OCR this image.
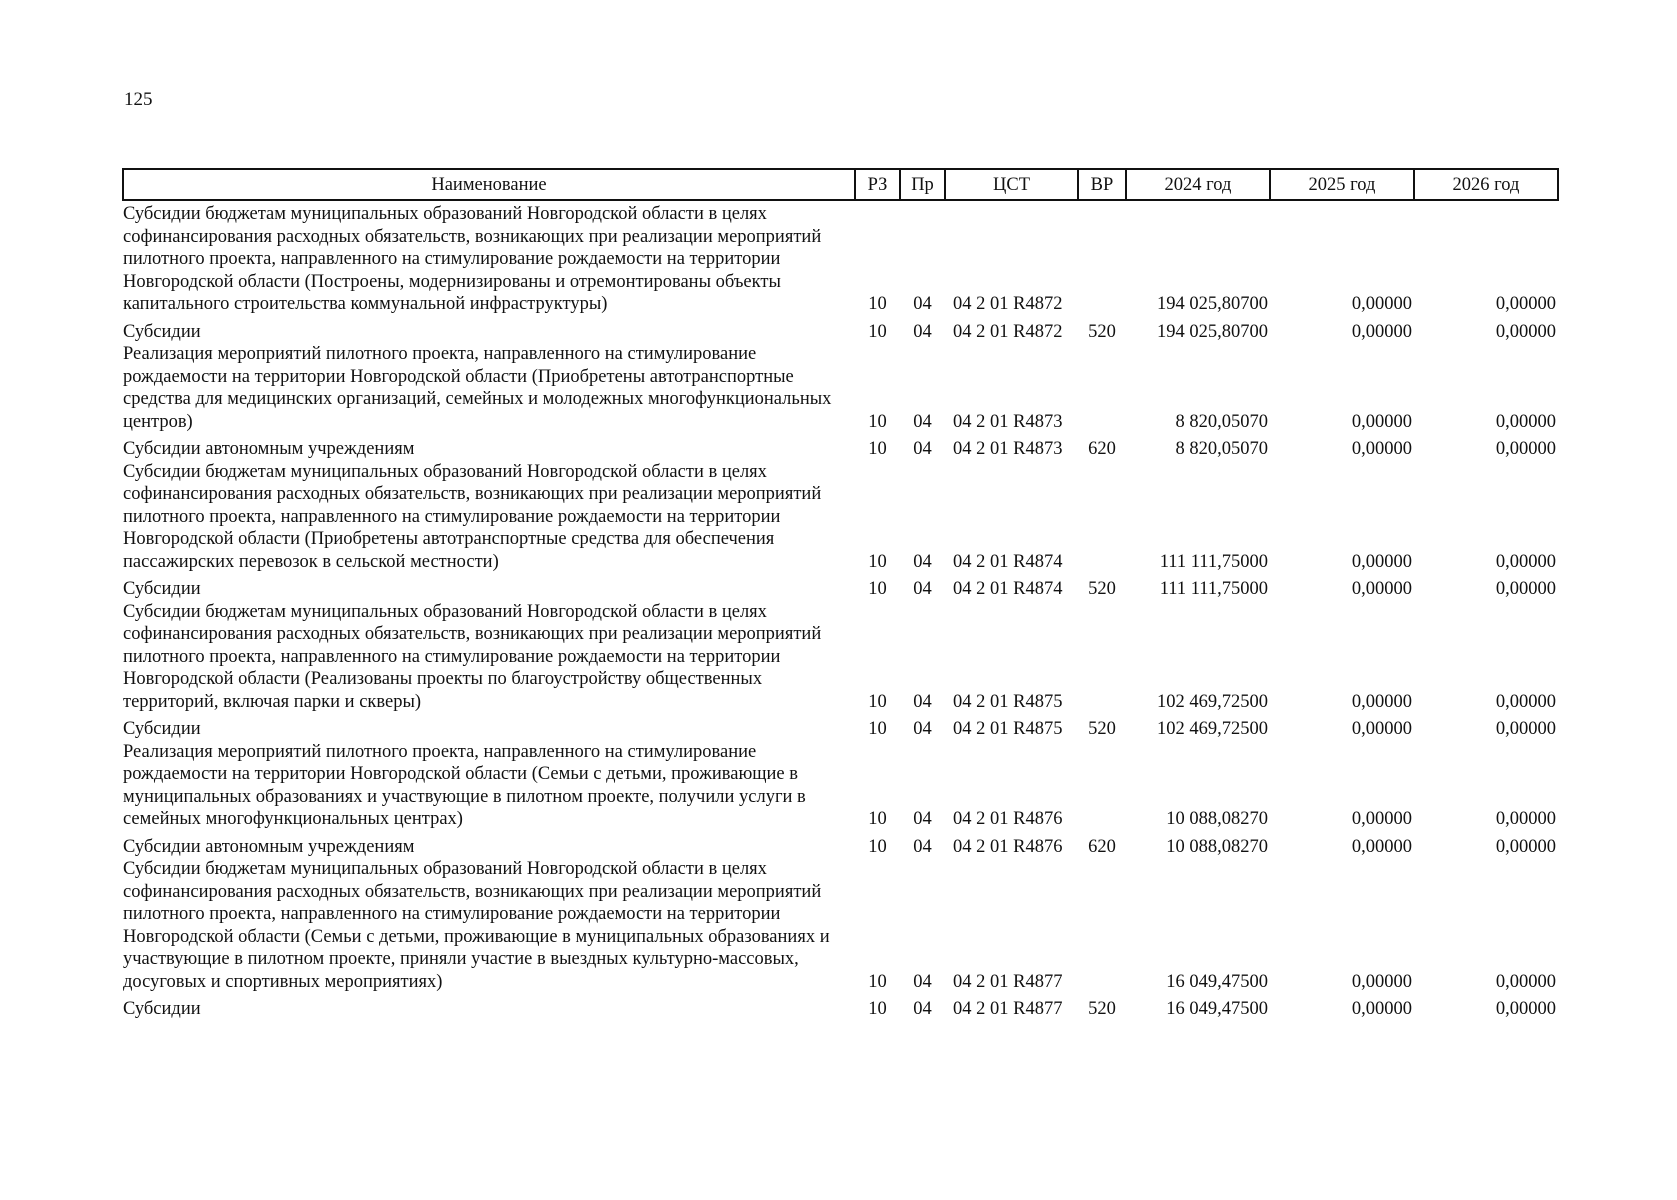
125
Наименование	РЗ	Пр	ЦСТ	ВР	2024 год	2025 год	2026 год
Субсидии бюджетам муниципальных образований Новгородской области в целях софинансирования расходных обязательств, возникающих при реализации мероприятий пилотного проекта, направленного на стимулирование рождаемости на территории Новгородской области (Построены, модернизированы и отремонтированы объекты капитального строительства коммунальной инфраструктуры)	10	04	04 2 01 R4872		194 025,80700	0,00000	0,00000
Субсидии	10	04	04 2 01 R4872	520	194 025,80700	0,00000	0,00000
Реализация мероприятий пилотного проекта, направленного на стимулирование рождаемости на территории Новгородской области (Приобретены автотранспортные средства для медицинских организаций, семейных и молодежных многофункциональных центров)	10	04	04 2 01 R4873		8 820,05070	0,00000	0,00000
Субсидии автономным учреждениям	10	04	04 2 01 R4873	620	8 820,05070	0,00000	0,00000
Субсидии бюджетам муниципальных образований Новгородской области в целях софинансирования расходных обязательств, возникающих при реализации мероприятий пилотного проекта, направленного на стимулирование рождаемости на территории Новгородской области (Приобретены автотранспортные средства для обеспечения пассажирских перевозок в сельской местности)	10	04	04 2 01 R4874		111 111,75000	0,00000	0,00000
Субсидии	10	04	04 2 01 R4874	520	111 111,75000	0,00000	0,00000
Субсидии бюджетам муниципальных образований Новгородской области в целях софинансирования расходных обязательств, возникающих при реализации мероприятий пилотного проекта, направленного на стимулирование рождаемости на территории Новгородской области (Реализованы проекты по благоустройству общественных территорий, включая парки и скверы)	10	04	04 2 01 R4875		102 469,72500	0,00000	0,00000
Субсидии	10	04	04 2 01 R4875	520	102 469,72500	0,00000	0,00000
Реализация мероприятий пилотного проекта, направленного на стимулирование рождаемости на территории Новгородской области (Семьи с детьми, проживающие в муниципальных образованиях и участвующие в пилотном проекте, получили услуги в семейных многофункциональных центрах)	10	04	04 2 01 R4876		10 088,08270	0,00000	0,00000
Субсидии автономным учреждениям	10	04	04 2 01 R4876	620	10 088,08270	0,00000	0,00000
Субсидии бюджетам муниципальных образований Новгородской области в целях софинансирования расходных обязательств, возникающих при реализации мероприятий пилотного проекта, направленного на стимулирование рождаемости на территории Новгородской области (Семьи с детьми, проживающие в муниципальных образованиях и участвующие в пилотном проекте, приняли участие в выездных культурно-массовых, досуговых и спортивных мероприятиях)	10	04	04 2 01 R4877		16 049,47500	0,00000	0,00000
Субсидии	10	04	04 2 01 R4877	520	16 049,47500	0,00000	0,00000
